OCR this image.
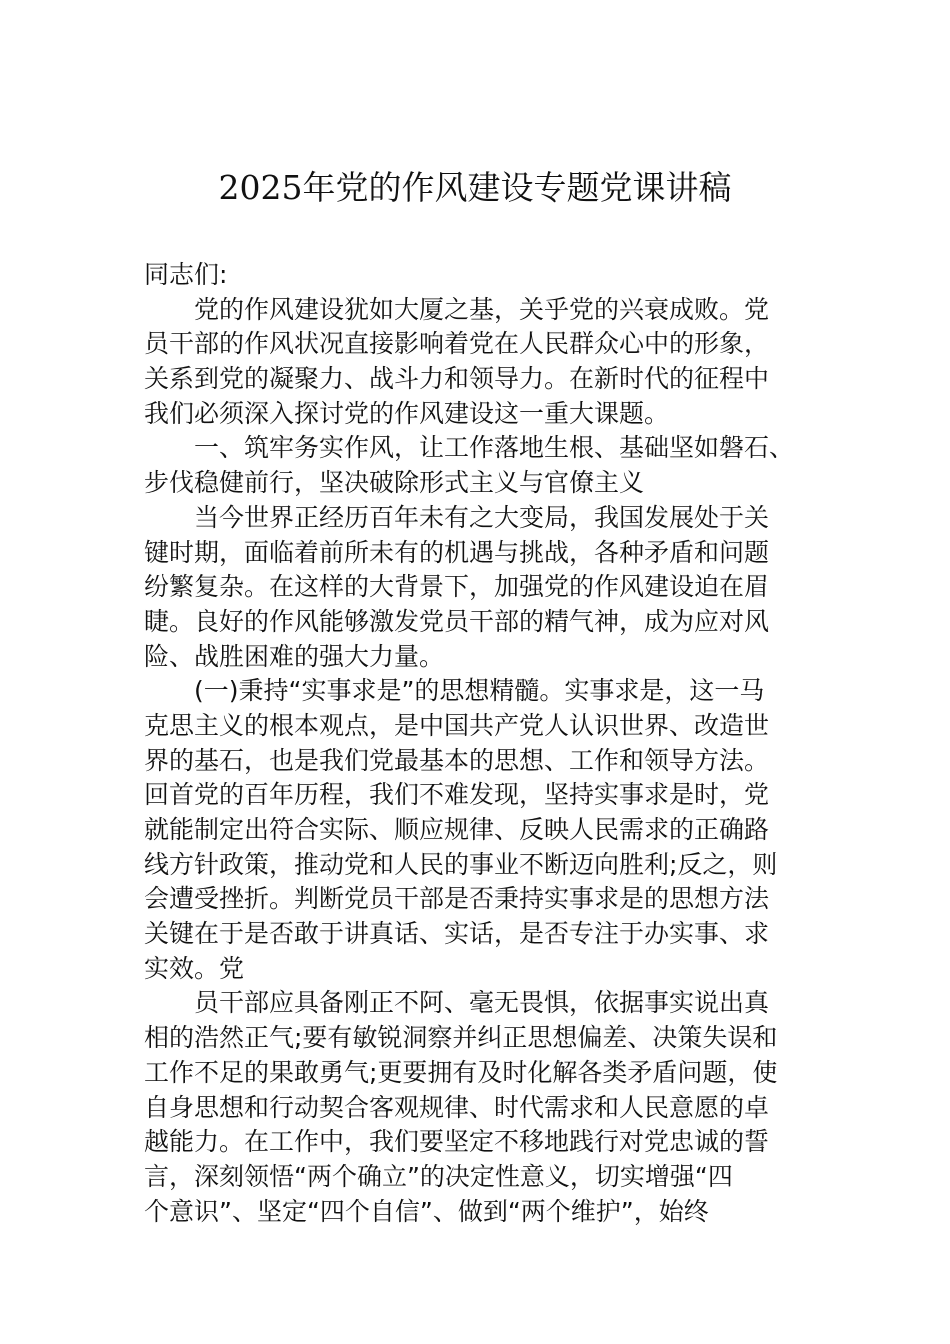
2025年党的作风建设专题党课讲稿
同志们:
党的作风建设犹如大厦之基，关乎党的兴衰成败。党
员干部的作风状况直接影响着党在人民群众心中的形象，
关系到党的凝聚力、战斗力和领导力。在新时代的征程中
我们必须深入探讨党的作风建设这一重大课题。
一、筑牢务实作风，让工作落地生根、基础坚如磐石、
步伐稳健前行，坚决破除形式主义与官僚主义
当今世界正经历百年未有之大变局，我国发展处于关
键时期，面临着前所未有的机遇与挑战，各种矛盾和问题
纷繁复杂。在这样的大背景下，加强党的作风建设迫在眉
睫。良好的作风能够激发党员干部的精气神，成为应对风
险、战胜困难的强大力量。
(一)秉持“实事求是”的思想精髓。实事求是，这一马
克思主义的根本观点，是中国共产党人认识世界、改造世
界的基石，也是我们党最基本的思想、工作和领导方法。
回首党的百年历程，我们不难发现，坚持实事求是时，党
就能制定出符合实际、顺应规律、反映人民需求的正确路
线方针政策，推动党和人民的事业不断迈向胜利;反之，则
会遭受挫折。判断党员干部是否秉持实事求是的思想方法
关键在于是否敢于讲真话、实话，是否专注于办实事、求
实效。党
员干部应具备刚正不阿、毫无畏惧，依据事实说出真
相的浩然正气;要有敏锐洞察并纠正思想偏差、决策失误和
工作不足的果敢勇气;更要拥有及时化解各类矛盾问题，使
自身思想和行动契合客观规律、时代需求和人民意愿的卓
越能力。在工作中，我们要坚定不移地践行对党忠诚的誓
言，深刻领悟“两个确立”的决定性意义，切实增强“四
个意识”、坚定“四个自信”、做到“两个维护”，始终
